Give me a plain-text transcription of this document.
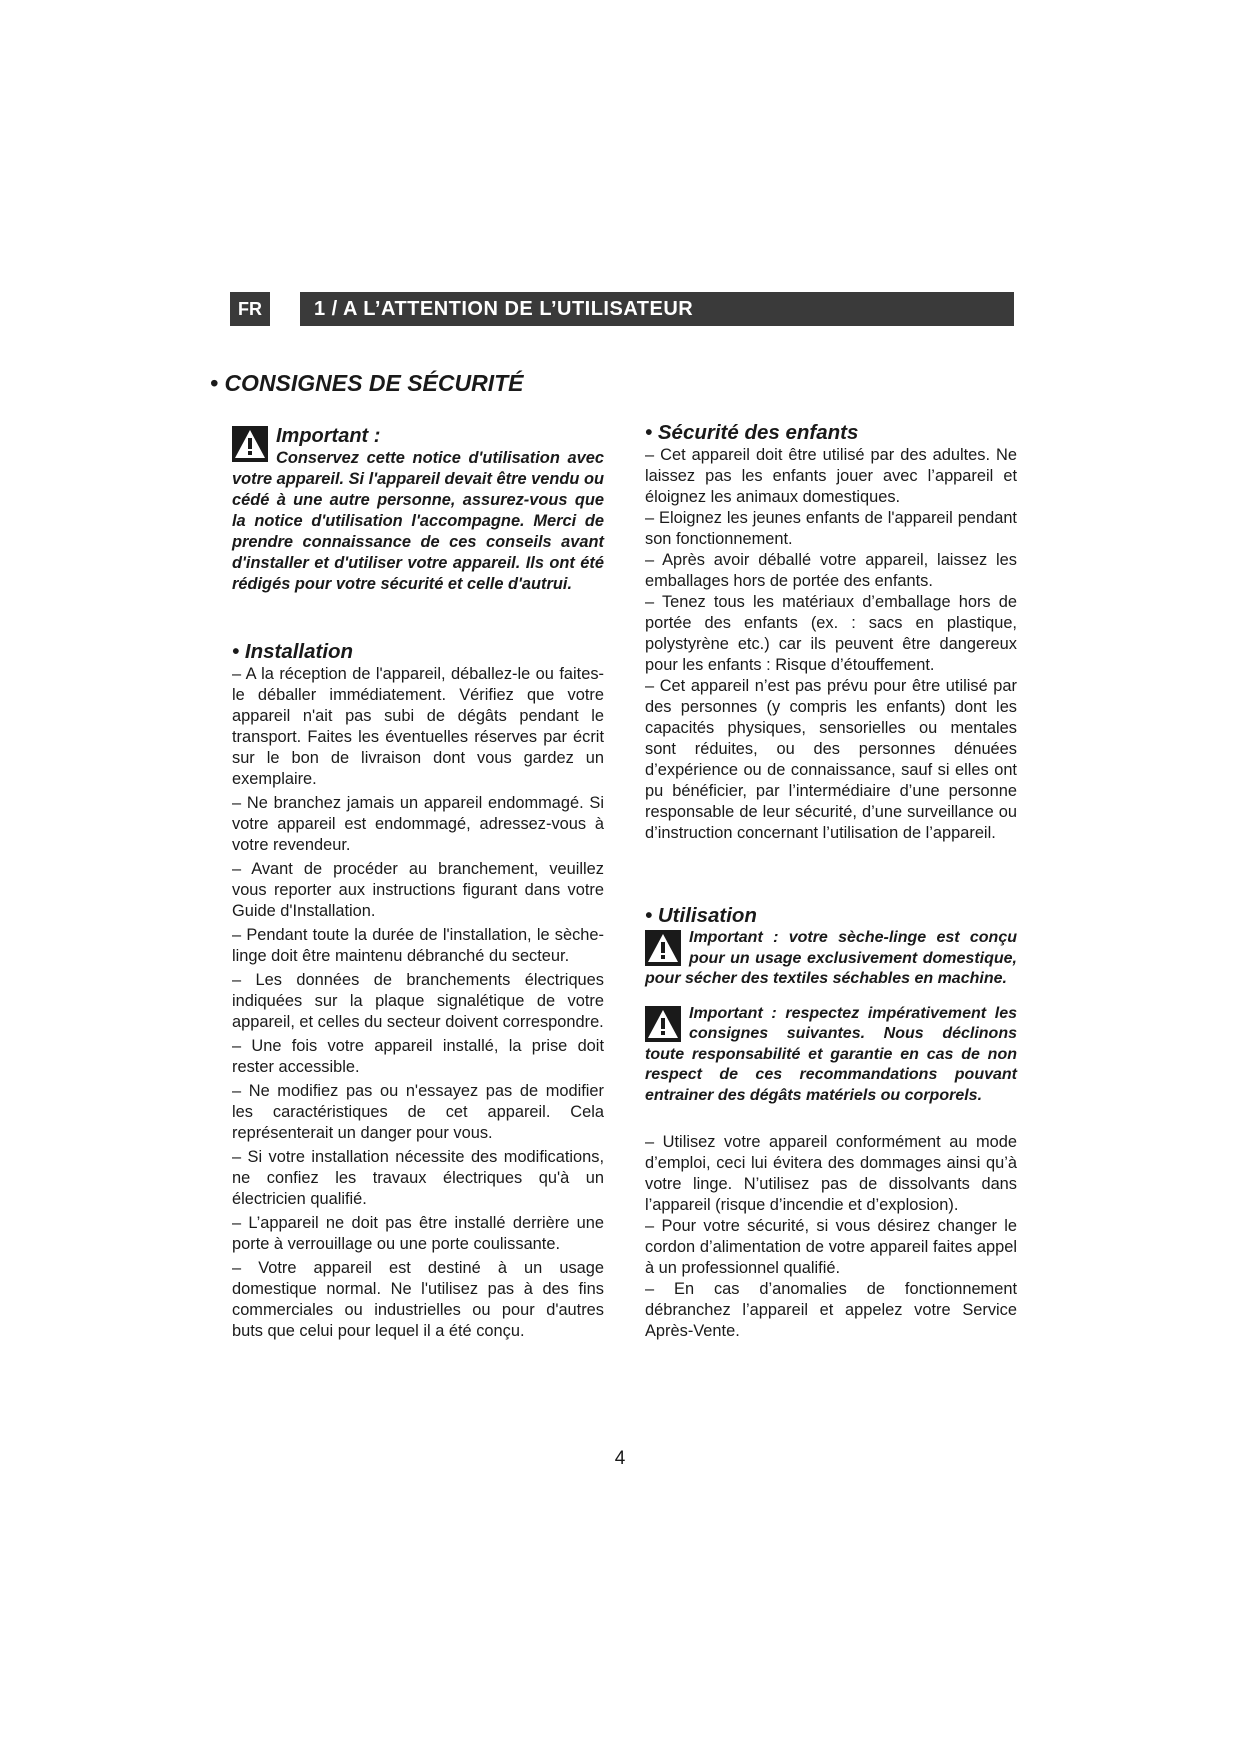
FR	1 / A L’ATTENTION DE L’UTILISATEUR
• CONSIGNES DE SÉCURITÉ
Important :

Conservez cette notice d'utilisation avec votre appareil. Si l'appareil devait être vendu ou cédé à une autre personne, assurez-vous que la notice d'utilisation l'accompagne. Merci de prendre connaissance de ces conseils avant d'installer et d'utiliser votre appareil. Ils ont été rédigés pour votre sécurité et celle d'autrui.

• Installation

– A la réception de l'appareil, déballez-le ou faites-le déballer immédiatement. Vérifiez que votre appareil n'ait pas subi de dégâts pendant le transport. Faites les éventuelles réserves par écrit sur le bon de livraison dont vous gardez un exemplaire.

– Ne branchez jamais un appareil endommagé. Si votre appareil est endommagé, adressez-vous à votre revendeur.

– Avant de procéder au branchement, veuillez vous reporter aux instructions figurant dans votre Guide d'Installation.

– Pendant toute la durée de l'installation, le sèche-linge doit être maintenu débranché du secteur.

– Les données de branchements électriques indiquées sur la plaque signalétique de votre appareil, et celles du secteur doivent correspondre.

– Une fois votre appareil installé, la prise doit rester accessible.

– Ne modifiez pas ou n'essayez pas de modifier les caractéristiques de cet appareil. Cela représenterait un danger pour vous.

– Si votre installation nécessite des modifications, ne confiez les travaux électriques qu'à un électricien qualifié.

– L’appareil ne doit pas être installé derrière une porte à verrouillage ou une porte coulissante.

– Votre appareil est destiné à un usage domestique normal. Ne l'utilisez pas à des fins commerciales ou industrielles ou pour d'autres buts que celui pour lequel il a été conçu.

• Sécurité des enfants

– Cet appareil doit être utilisé par des adultes. Ne laissez pas les enfants jouer avec l’appareil et éloignez les animaux domestiques.

– Eloignez les jeunes enfants de l'appareil pendant son fonctionnement.

– Après avoir déballé votre appareil, laissez les emballages hors de portée des enfants.

– Tenez tous les matériaux d’emballage hors de portée des enfants (ex. : sacs en plastique, polystyrène etc.) car ils peuvent être dangereux pour les enfants : Risque d’étouffement.

– Cet appareil n’est pas prévu pour être utilisé par des personnes (y compris les enfants) dont les capacités physiques, sensorielles ou mentales sont réduites, ou des personnes dénuées d’expérience ou de connaissance, sauf si elles ont pu bénéficier, par l’intermédiaire d’une personne responsable de leur sécurité, d’une surveillance ou d’instruction concernant l’utilisation de l’appareil.

• Utilisation

Important : votre sèche-linge est conçu pour un usage exclusivement domestique, pour sécher des textiles séchables en machine.

Important : respectez impérativement les consignes suivantes. Nous déclinons toute responsabilité et garantie en cas de non respect de ces recommandations pouvant entrainer des dégâts matériels ou corporels.

– Utilisez votre appareil conformément au mode d’emploi, ceci lui évitera des dommages ainsi qu’à votre linge. N’utilisez pas de dissolvants dans l’appareil (risque d’incendie et d’explosion).

– Pour votre sécurité, si vous désirez changer le cordon d’alimentation de votre appareil faites appel à un professionnel qualifié.

– En cas d’anomalies de fonctionnement débranchez l’appareil et appelez votre Service Après-Vente.

4
